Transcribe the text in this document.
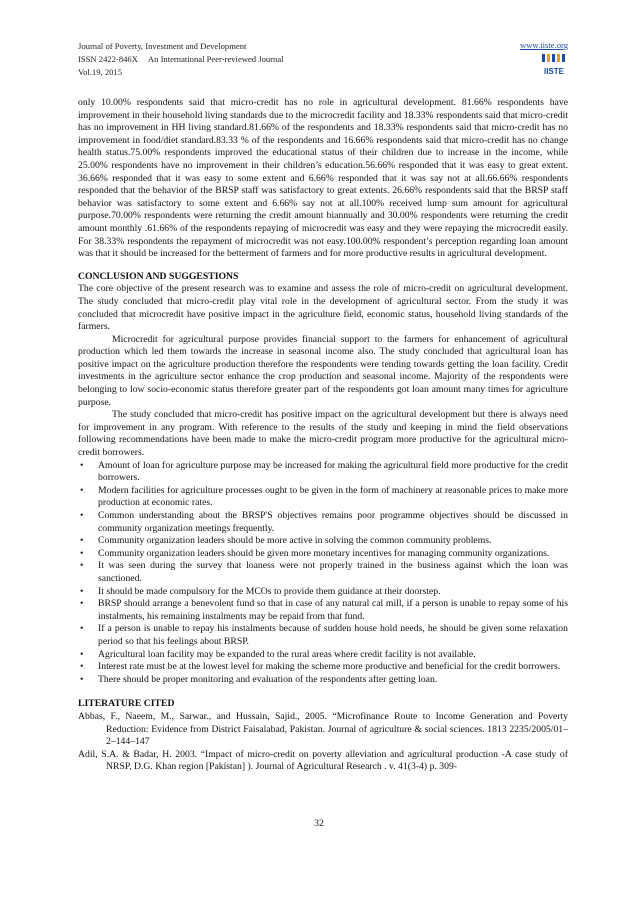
Journal of Poverty, Investment and Development
ISSN 2422-846X An International Peer-reviewed Journal
Vol.19, 2015
www.iiste.org
IISTE

only 10.00% respondents said that micro-credit has no role in agricultural development. 81.66% respondents have improvement in their household living standards due to the microcredit facility and 18.33% respondents said that micro-credit has no improvement in HH living standard.81.66% of the respondents and 18.33% respondents said that micro-credit has no improvement in food/diet standard.83.33 % of the respondents and 16.66% respondents said that micro-credit has no change health status.75.00% respondents improved the educational status of their children due to increase in the income, while 25.00% respondents have no improvement in their children’s education.56.66% responded that it was easy to great extent. 36.66% responded that it was easy to some extent and 6.66% responded that it was say not at all.66.66% respondents responded that the behavior of the BRSP staff was satisfactory to great extents. 26.66% respondents said that the BRSP staff behavior was satisfactory to some extent and 6.66% say not at all.100% received lump sum amount for agricultural purpose.70.00% respondents were returning the credit amount biannually and 30.00% respondents were returning the credit amount monthly .61.66% of the respondents repaying of microcredit was easy and they were repaying the microcredit easily. For 38.33% respondents the repayment of microcredit was not easy.100.00% respondent’s perception regarding loan amount was that it should be increased for the betterment of farmers and for more productive results in agricultural development.

CONCLUSION AND SUGGESTIONS

The core objective of the present research was to examine and assess the role of micro-credit on agricultural development. The study concluded that micro-credit play vital role in the development of agricultural sector. From the study it was concluded that microcredit have positive impact in the agriculture field, economic status, household living standards of the farmers.

Microcredit for agricultural purpose provides financial support to the farmers for enhancement of agricultural production which led them towards the increase in seasonal income also. The study concluded that agricultural loan has positive impact on the agriculture production therefore the respondents were tending towards getting the loan facility. Credit investments in the agriculture sector enhance the crop production and seasonal income. Majority of the respondents were belonging to low socio-economic status therefore greater part of the respondents got loan amount many times for agriculture purpose.

The study concluded that micro-credit has positive impact on the agricultural development but there is always need for improvement in any program. With reference to the results of the study and keeping in mind the field observations following recommendations have been made to make the micro-credit program more productive for the agricultural micro-credit borrowers.

• Amount of loan for agriculture purpose may be increased for making the agricultural field more productive for the credit borrowers.
• Modern facilities for agriculture processes ought to be given in the form of machinery at reasonable prices to make more production at economic rates.
• Common understanding about the BRSP'S objectives remains poor programme objectives should be discussed in community organization meetings frequently.
• Community organization leaders should be more active in solving the common community problems.
• Community organization leaders should be given more monetary incentives for managing community organizations.
• It was seen during the survey that loaness were not properly trained in the business against which the loan was sanctioned.
• It should be made compulsory for the MCOs to provide them guidance at their doorstep.
• BRSP should arrange a benevolent fund so that in case of any natural cal mill, if a person is unable to repay some of his instalments, his remaining instalments may be repaid from that fund.
• If a person is unable to repay his instalments because of sudden house hold needs, he should be given some relaxation period so that his feelings about BRSP.
• Agricultural loan facility may be expanded to the rural areas where credit facility is not available.
• Interest rate must be at the lowest level for making the scheme more productive and beneficial for the credit borrowers.
• There should be proper monitoring and evaluation of the respondents after getting loan.

LITERATURE CITED

Abbas, F., Naeem, M., Sarwar., and Hussain, Sajid., 2005. “Microfinance Route to Income Generation and Poverty Reduction: Evidence from District Faisalabad, Pakistan. Journal of agriculture & social sciences. 1813 2235/2005/01–2–144–147

Adil, S.A. & Badar, H. 2003. “Impact of micro-credit on poverty alleviation and agricultural production -A case study of NRSP, D.G. Khan region [Pakistan] ). Journal of Agricultural Research . v. 41(3-4) p. 309-

32
